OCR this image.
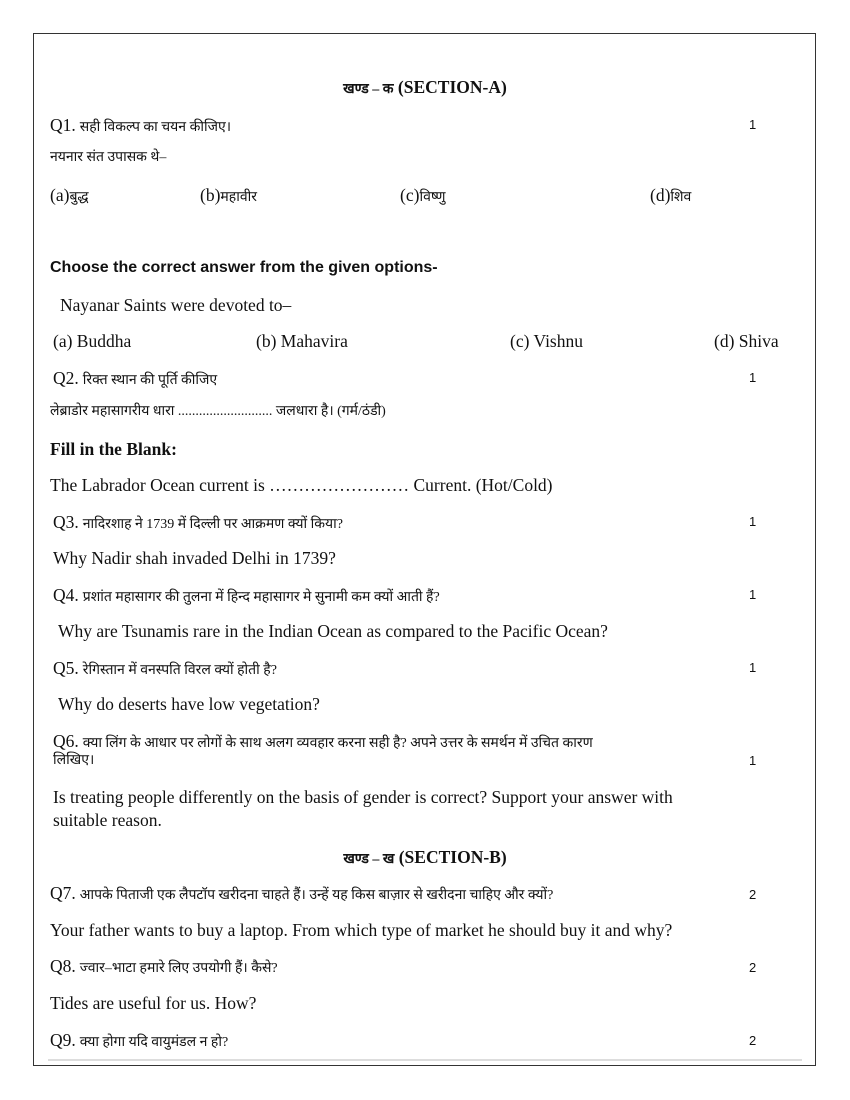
खण्ड – क (SECTION-A)
Q1. सही विकल्प का चयन कीजिए।	1
नयनार संत उपासक थे–
(a)बुद्ध	(b)महावीर	(c)विष्णु	(d)शिव
Choose the correct answer from the given options-
Nayanar Saints were devoted to–
(a) Buddha	(b) Mahavira	(c) Vishnu	(d) Shiva
Q2. रिक्त स्थान की पूर्ति कीजिए	1
लेब्राडोर महासागरीय धारा ........................... जलधारा है। (गर्म/ठंडी)
Fill in the Blank:
The Labrador Ocean current is …………………… Current. (Hot/Cold)
Q3. नादिरशाह ने 1739 में दिल्ली पर आक्रमण क्यों किया?	1
Why Nadir shah invaded Delhi in 1739?
Q4. प्रशांत महासागर की तुलना में हिन्द महासागर मे सुनामी कम क्यों आती हैं?	1
Why are Tsunamis rare in the Indian Ocean as compared to the Pacific Ocean?
Q5. रेगिस्तान में वनस्पति विरल क्यों होती है?	1
Why do deserts have low vegetation?
Q6. क्या लिंग के आधार पर लोगों के साथ अलग व्यवहार करना सही है? अपने उत्तर के समर्थन में उचित कारण
लिखिए।	1
Is treating people differently on the basis of gender is correct? Support your answer with
suitable reason.
खण्ड – ख (SECTION-B)
Q7. आपके पिताजी एक लैपटॉप खरीदना चाहते हैं। उन्हें यह किस बाज़ार से खरीदना चाहिए और क्यों?	2
Your father wants to buy a laptop. From which type of market he should buy it and why?
Q8. ज्वार–भाटा हमारे लिए उपयोगी हैं। कैसे?	2
Tides are useful for us. How?
Q9. क्या होगा यदि वायुमंडल न हो?	2
